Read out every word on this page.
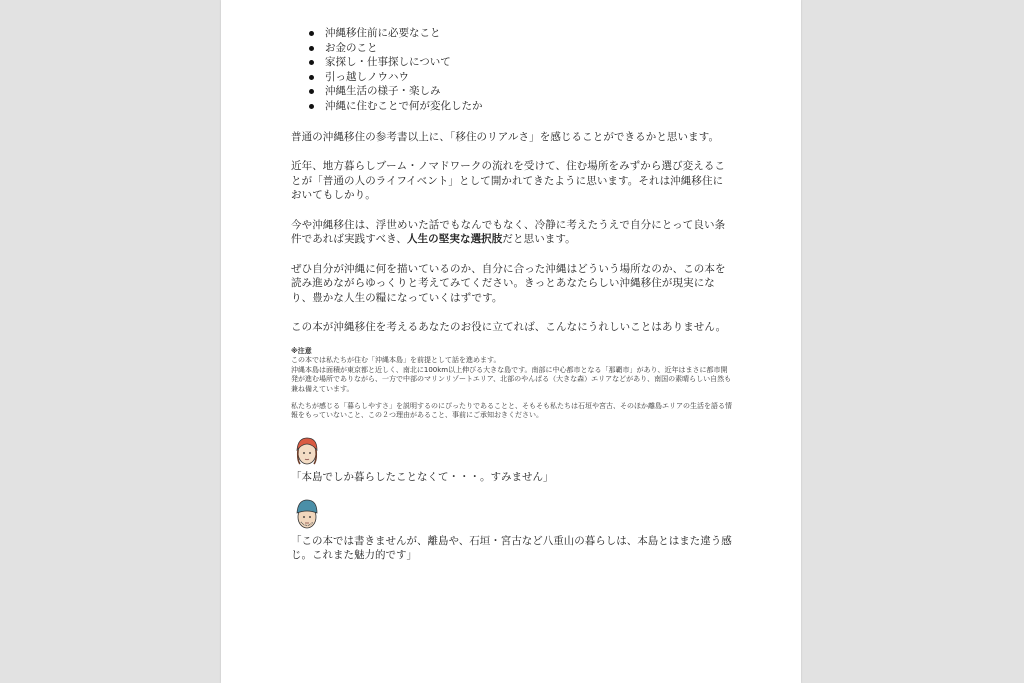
沖縄移住前に必要なこと
お金のこと
家探し・仕事探しについて
引っ越しノウハウ
沖縄生活の様子・楽しみ
沖縄に住むことで何が変化したか

普通の沖縄移住の参考書以上に、「移住のリアルさ」を感じることができるかと思います。

近年、地方暮らしブーム・ノマドワークの流れを受けて、住む場所をみずから選び変えることが「普通の人のライフイベント」として開かれてきたように思います。それは沖縄移住においてもしかり。

今や沖縄移住は、浮世めいた話でもなんでもなく、冷静に考えたうえで自分にとって良い条件であれば実践すべき、人生の堅実な選択肢だと思います。

ぜひ自分が沖縄に何を描いているのか、自分に合った沖縄はどういう場所なのか、この本を読み進めながらゆっくりと考えてみてください。きっとあなたらしい沖縄移住が現実になり、豊かな人生の糧になっていくはずです。

この本が沖縄移住を考えるあなたのお役に立てれば、こんなにうれしいことはありません。

※注意

この本では私たちが住む「沖縄本島」を前提として話を進めます。

沖縄本島は面積が東京都と近しく、南北に100km以上伸びる大きな島です。南部に中心都市となる「那覇市」があり、近年はまさに都市開発が進む場所でありながら、一方で中部のマリンリゾートエリア、北部のやんばる（大きな森）エリアなどがあり、南国の素晴らしい自然も兼ね備えています。

私たちが感じる「暮らしやすさ」を説明するのにぴったりであることと、そもそも私たちは石垣や宮古、そのほか離島エリアの生活を語る情報をもっていないこと、この２つ理由があること、事前にご承知おきください。

「本島でしか暮らしたことなくて・・・。すみません」

「この本では書きませんが、離島や、石垣・宮古など八重山の暮らしは、本島とはまた違う感じ。これまた魅力的です」
